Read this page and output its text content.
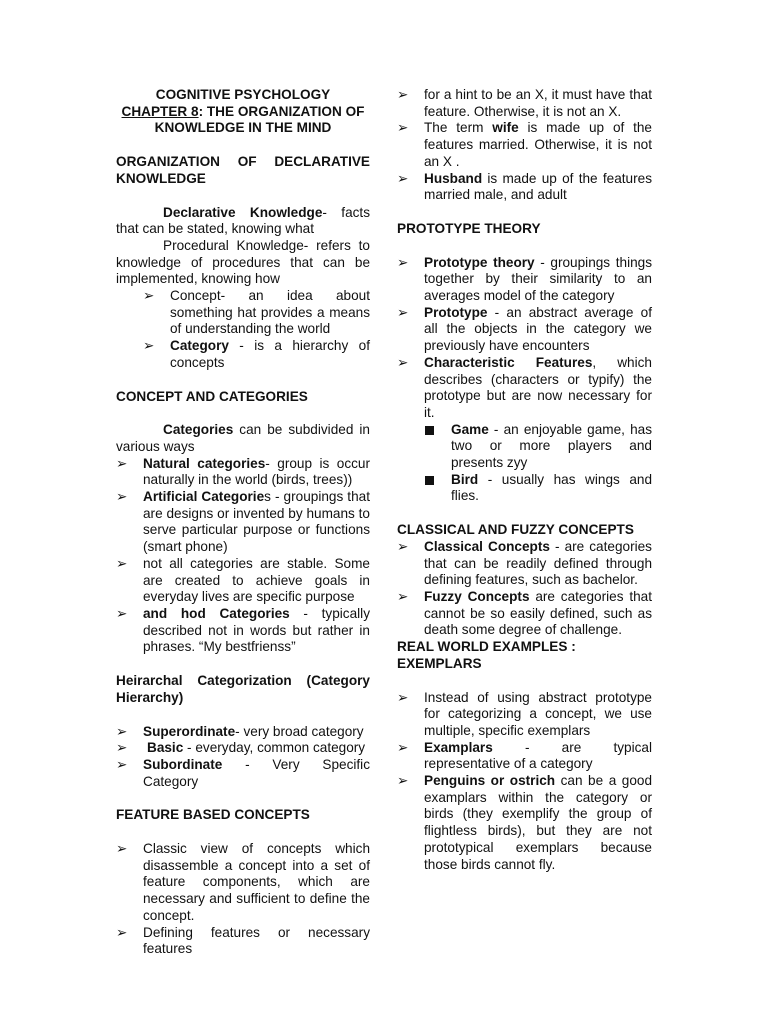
COGNITIVE PSYCHOLOGY
CHAPTER 8: THE ORGANIZATION OF KNOWLEDGE IN THE MIND
ORGANIZATION OF DECLARATIVE KNOWLEDGE

Declarative Knowledge- facts that can be stated, knowing what

Procedural Knowledge- refers to knowledge of procedures that can be implemented, knowing how

➢ Concept- an idea about something hat provides a means of understanding the world
➢ Category - is a hierarchy of concepts
CONCEPT AND CATEGORIES

Categories can be subdivided in various ways

➢ Natural categories- group is occur naturally in the world (birds, trees))
➢ Artificial Categories - groupings that are designs or invented by humans to serve particular purpose or functions (smart phone)
➢ not all categories are stable. Some are created to achieve goals in everyday lives are specific purpose
➢ and hod Categories - typically described not in words but rather in phrases. “My bestfrienss”
Heirarchal Categorization (Category Hierarchy)
➢ Superordinate- very broad category
➢ Basic - everyday, common category
➢ Subordinate - Very Specific Category
FEATURE BASED CONCEPTS
➢ Classic view of concepts which disassemble a concept into a set of feature components, which are necessary and sufficient to define the concept.
➢ Defining features or necessary features
➢ for a hint to be an X, it must have that feature. Otherwise, it is not an X.
➢ The term wife is made up of the features married. Otherwise, it is not an X .
➢ Husband is made up of the features married male, and adult
PROTOTYPE THEORY
➢ Prototype theory - groupings things together by their similarity to an averages model of the category
➢ Prototype - an abstract average of all the objects in the category we previously have encounters
➢ Characteristic Features, which describes (characters or typify) the prototype but are now necessary for it.
Game - an enjoyable game, has two or more players and presents zyy
Bird - usually has wings and flies.
CLASSICAL AND FUZZY CONCEPTS
➢ Classical Concepts - are categories that can be readily defined through defining features, such as bachelor.
➢ Fuzzy Concepts are categories that cannot be so easily defined, such as death some degree of challenge.
REAL WORLD EXAMPLES : EXEMPLARS
➢ Instead of using abstract prototype for categorizing a concept, we use multiple, specific exemplars
➢ Examplars - are typical representative of a category
➢ Penguins or ostrich can be a good examplars within the category or birds (they exemplify the group of flightless birds), but they are not prototypical exemplars because those birds cannot fly.
